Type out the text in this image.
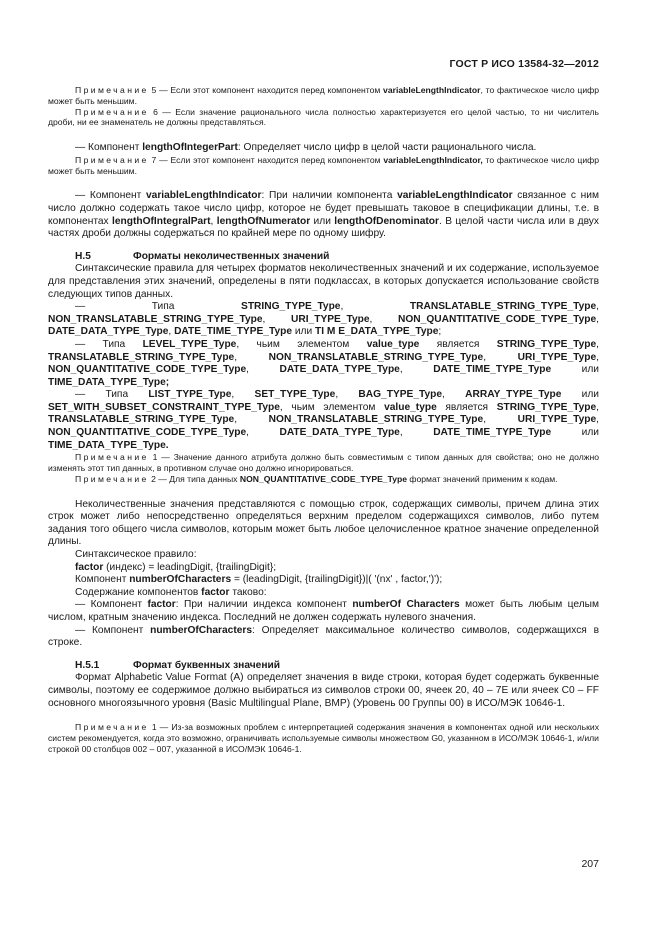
ГОСТ Р ИСО 13584-32—2012

Примечание 5 — Если этот компонент находится перед компонентом variableLengthIndicator, то фактическое число цифр может быть меньшим.

Примечание 6 — Если значение рационального числа полностью характеризуется его целой частью, то ни числитель дроби, ни ее знаменатель не должны представляться.

— Компонент lengthOfIntegerPart: Определяет число цифр в целой части рационального числа.

Примечание 7 — Если этот компонент находится перед компонентом variableLengthIndicator, то фактическое число цифр может быть меньшим.

— Компонент variableLengthIndicator: При наличии компонента variableLengthIndicator связанное с ним число должно содержать такое число цифр, которое не будет превышать таковое в спецификации длины, т.е. в компонентах lengthOfIntegralPart, lengthOfNumerator или lengthOfDenominator. В целой части числа или в двух частях дроби должны содержаться по крайней мере по одному шифру.

H.5	Форматы неколичественных значений

Синтаксические правила для четырех форматов неколичественных значений и их содержание, используемое для представления этих значений, определены в пяти подклассах, в которых допускается использование свойств следующих типов данных.

— Типа STRING_TYPE_Type, TRANSLATABLE_STRING_TYPE_Type, NON_TRANSLATABLE_STRING_TYPE_Type, URI_TYPE_Type, NON_QUANTITATIVE_CODE_TYPE_Type, DATE_DATA_TYPE_Type, DATE_TIME_TYPE_Type или TI M E_DATA_TYPE_Type;

— Типа LEVEL_TYPE_Type, чьим элементом value_type является STRING_TYPE_Type, TRANSLATABLE_STRING_TYPE_Type, NON_TRANSLATABLE_STRING_TYPE_Type, URI_TYPE_Type, NON_QUANTITATIVE_CODE_TYPE_Type, DATE_DATA_TYPE_Type, DATE_TIME_TYPE_Type или TIME_DATA_TYPE_Type;

— Типа LIST_TYPE_Type, SET_TYPE_Type, BAG_TYPE_Type, ARRAY_TYPE_Type или SET_WITH_SUBSET_CONSTRAINT_TYPE_Type, чьим элементом value_type является STRING_TYPE_Type, TRANSLATABLE_STRING_TYPE_Type, NON_TRANSLATABLE_STRING_TYPE_Type, URI_TYPE_Type, NON_QUANTITATIVE_CODE_TYPE_Type, DATE_DATA_TYPE_Type, DATE_TIME_TYPE_Type или TIME_DATA_TYPE_Type.

Примечание 1 — Значение данного атрибута должно быть совместимым с типом данных для свойства; оно не должно изменять этот тип данных, в противном случае оно должно игнорироваться.

Примечание 2 — Для типа данных NON_QUANTITATIVE_CODE_TYPE_Type формат значений применим к кодам.

Неколичественные значения представляются с помощью строк, содержащих символы, причем длина этих строк может либо непосредственно определяться верхним пределом содержащихся символов, либо путем задания того общего числа символов, которым может быть любое целочисленное кратное значение определенной длины.

Синтаксическое правило:

factor (индекс) = leadingDigit, {trailingDigit};

Компонент numberOfCharacters = (leadingDigit, {trailingDigit})|( '(nx' , factor,')');

Содержание компонентов factor таково:

— Компонент factor: При наличии индекса компонент numberOf Characters может быть любым целым числом, кратным значению индекса. Последний не должен содержать нулевого значения.

— Компонент numberOfCharacters: Определяет максимальное количество символов, содержащихся в строке.

H.5.1	Формат буквенных значений

Формат Alphabetic Value Format (A) определяет значения в виде строки, которая будет содержать буквенные символы, поэтому ее содержимое должно выбираться из символов строки 00, ячеек 20, 40 – 7E или ячеек C0 – FF основного многоязычного уровня (Basic Multilingual Plane, BMP) (Уровень 00 Группы 00) в ИСО/МЭК 10646-1.

Примечание 1 — Из-за возможных проблем с интерпретацией содержания значения в компонентах одной или нескольких систем рекомендуется, когда это возможно, ограничивать используемые символы множеством G0, указанном в ИСО/МЭК 10646-1, и/или строкой 00 столбцов 002 – 007, указанной в ИСО/МЭК 10646-1.

207
